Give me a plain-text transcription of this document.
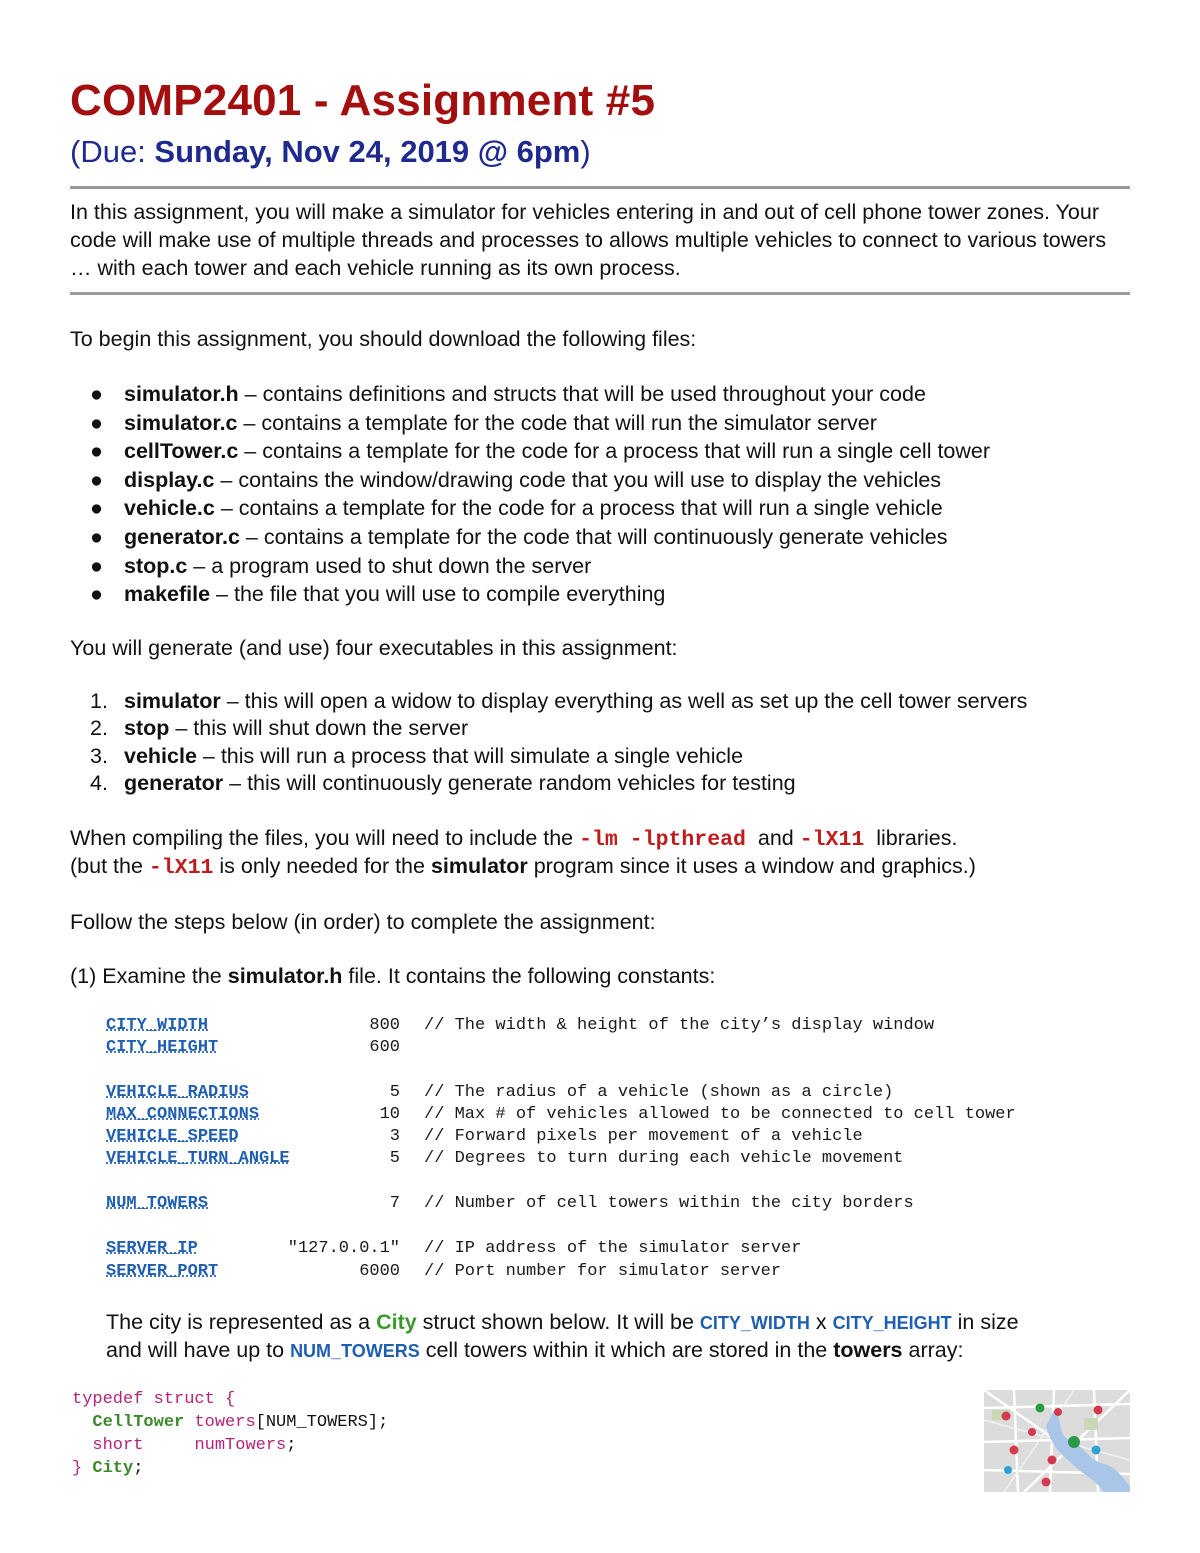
COMP2401 - Assignment #5
(Due: Sunday, Nov 24, 2019 @ 6pm)
In this assignment, you will make a simulator for vehicles entering in and out of cell phone tower zones. Your code will make use of multiple threads and processes to allows multiple vehicles to connect to various towers … with each tower and each vehicle running as its own process.
To begin this assignment, you should download the following files:
● simulator.h – contains definitions and structs that will be used throughout your code
● simulator.c – contains a template for the code that will run the simulator server
● cellTower.c – contains a template for the code for a process that will run a single cell tower
● display.c – contains the window/drawing code that you will use to display the vehicles
● vehicle.c – contains a template for the code for a process that will run a single vehicle
● generator.c – contains a template for the code that will continuously generate vehicles
● stop.c – a program used to shut down the server
● makefile – the file that you will use to compile everything
You will generate (and use) four executables in this assignment:
1. simulator – this will open a widow to display everything as well as set up the cell tower servers
2. stop – this will shut down the server
3. vehicle – this will run a process that will simulate a single vehicle
4. generator – this will continuously generate random vehicles for testing
When compiling the files, you will need to include the -lm -lpthread  and -lX11  libraries.
(but the -lX11 is only needed for the simulator program since it uses a window and graphics.)
Follow the steps below (in order) to complete the assignment:
(1) Examine the simulator.h file. It contains the following constants:
CITY_WIDTH	800 // The width & height of the city’s display window
CITY_HEIGHT	600
VEHICLE_RADIUS	5 // The radius of a vehicle (shown as a circle)
MAX_CONNECTIONS	10 // Max # of vehicles allowed to be connected to cell tower
VEHICLE_SPEED	3 // Forward pixels per movement of a vehicle
VEHICLE_TURN_ANGLE	5 // Degrees to turn during each vehicle movement
NUM_TOWERS	7 // Number of cell towers within the city borders
SERVER_IP	"127.0.0.1" // IP address of the simulator server
SERVER_PORT	6000 // Port number for simulator server
The city is represented as a City struct shown below. It will be CITY_WIDTH x CITY_HEIGHT in size
and will have up to NUM_TOWERS cell towers within it which are stored in the towers array:
typedef struct {
CellTower towers[NUM_TOWERS];
short	numTowers;
} City;
